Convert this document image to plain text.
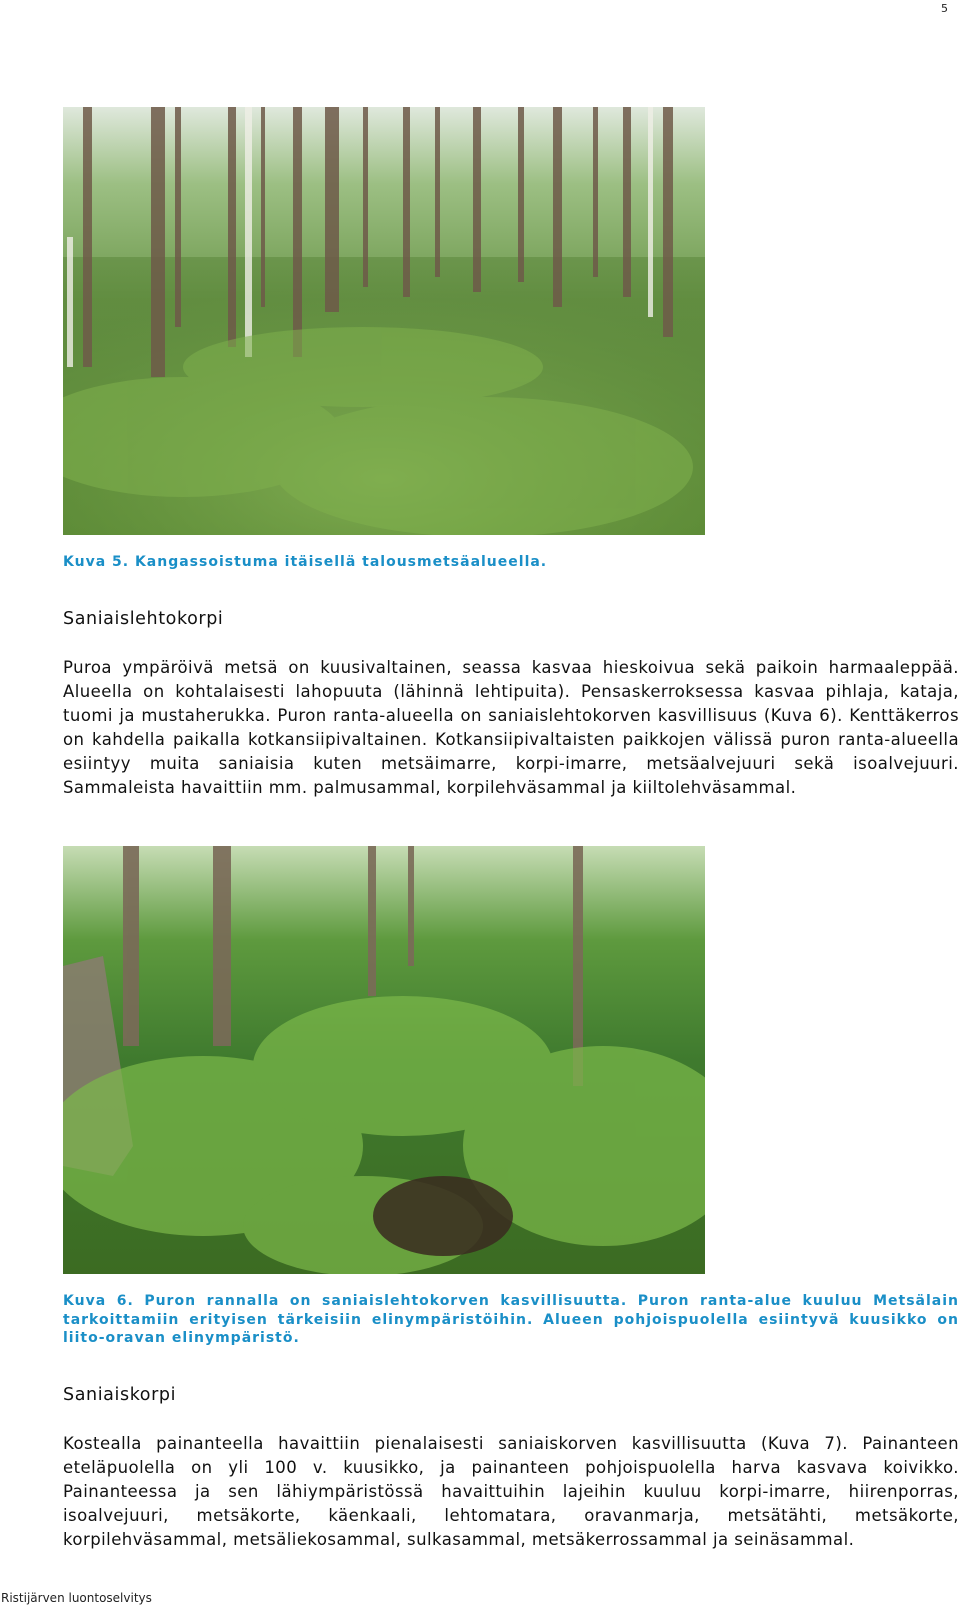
5
Kuva 5. Kangassoistuma itäisellä talousmetsäalueella.
Saniaislehtokorpi
Puroa ympäröivä metsä on kuusivaltainen, seassa kasvaa hieskoivua sekä paikoin harmaaleppää. Alueella on kohtalaisesti lahopuuta (lähinnä lehtipuita). Pensaskerroksessa kasvaa pihlaja, kataja, tuomi ja mustaherukka. Puron ranta-alueella on saniaislehtokorven kasvillisuus (Kuva 6). Kenttäkerros on kahdella paikalla kotkansiipivaltainen. Kotkansiipivaltaisten paikkojen välissä puron ranta-alueella esiintyy muita saniaisia kuten metsäimarre, korpi-imarre, metsäalvejuuri sekä isoalvejuuri. Sammaleista havaittiin mm. palmusammal, korpilehväsammal ja kiiltolehväsammal.
Kuva 6. Puron rannalla on saniaislehtokorven kasvillisuutta. Puron ranta-alue kuuluu Metsälain tarkoittamiin erityisen tärkeisiin elinympäristöihin. Alueen pohjoispuolella esiintyvä kuusikko on liito-oravan elinympäristö.
Saniaiskorpi
Kostealla painanteella havaittiin pienalaisesti saniaiskorven kasvillisuutta (Kuva 7). Painanteen eteläpuolella on yli 100 v. kuusikko, ja painanteen pohjoispuolella harva kasvava koivikko. Painanteessa ja sen lähiympäristössä havaittuihin lajeihin kuuluu korpi-imarre, hiirenporras, isoalvejuuri, metsäkorte, käenkaali, lehtomatara, oravanmarja, metsätähti, metsäkorte, korpilehväsammal, metsäliekosammal, sulkasammal, metsäkerrossammal ja seinäsammal.
Ristijärven luontoselvitys
